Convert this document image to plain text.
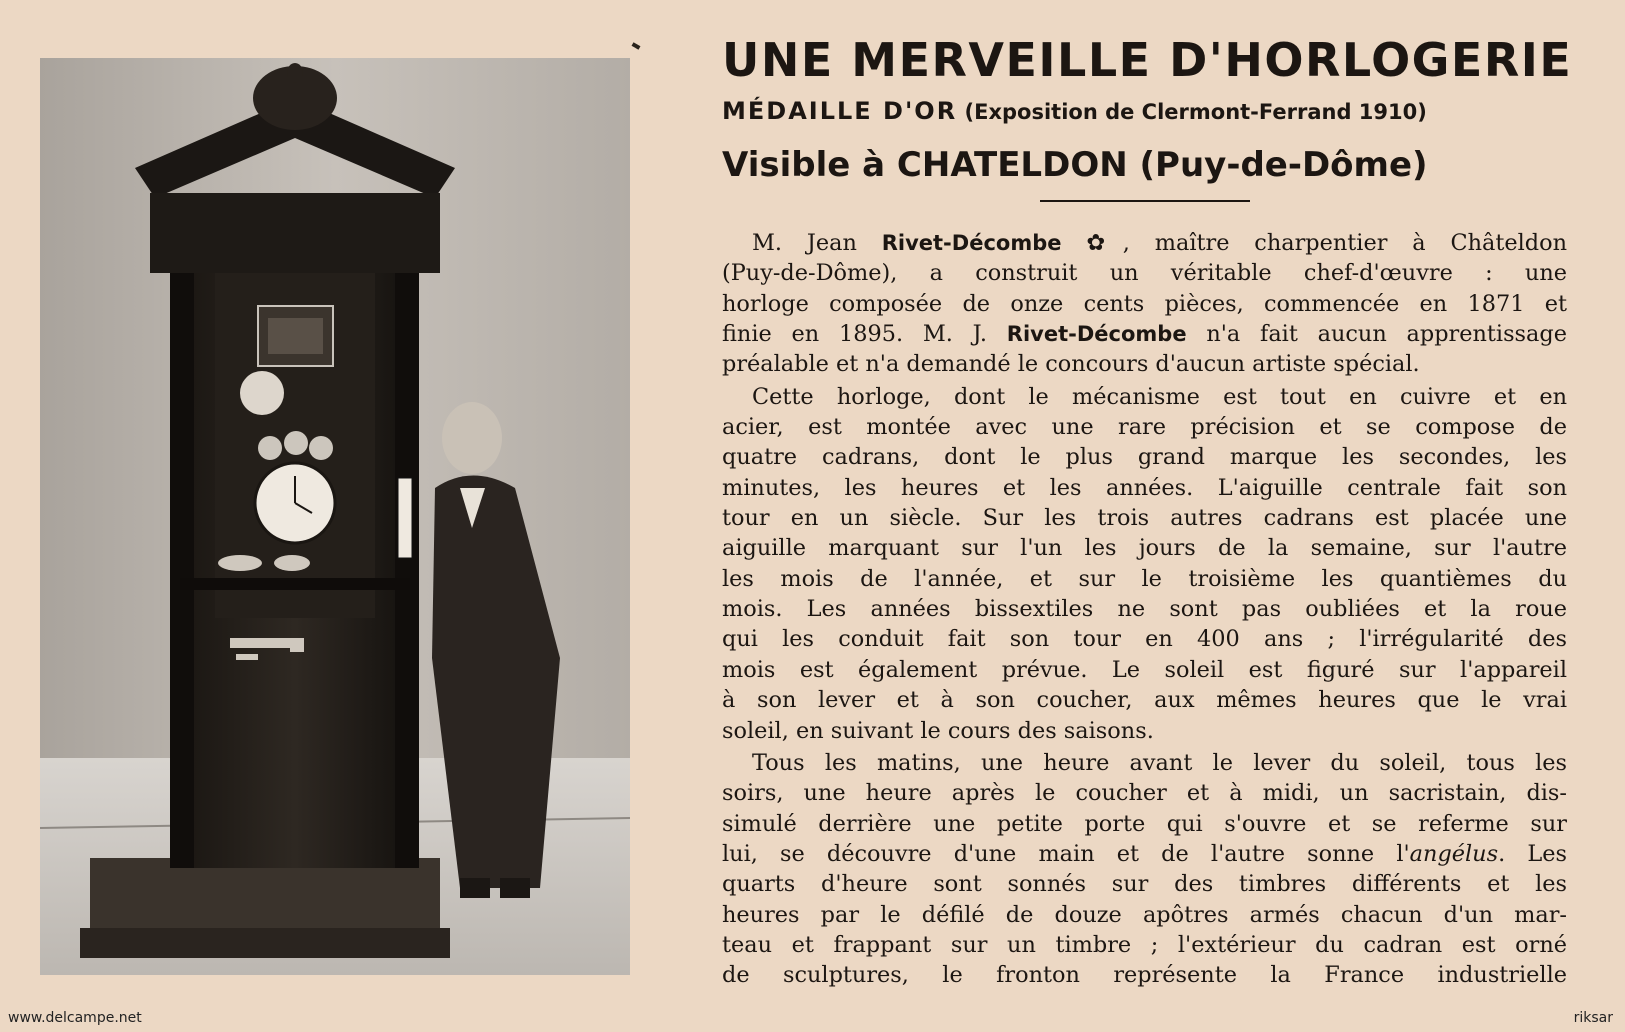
UNE MERVEILLE D'HORLOGERIE
MÉDAILLE D'OR (Exposition de Clermont-Ferrand 1910)
Visible à CHATELDON (Puy-de-Dôme)

M. Jean Rivet-Décombe ✿, maître charpentier à Châteldon
(Puy-de-Dôme), a construit un véritable chef-d'œuvre : une
horloge composée de onze cents pièces, commencée en 1871 et
finie en 1895. M. J. Rivet-Décombe n'a fait aucun apprentissage
préalable et n'a demandé le concours d'aucun artiste spécial.

Cette horloge, dont le mécanisme est tout en cuivre et en
acier, est montée avec une rare précision et se compose de
quatre cadrans, dont le plus grand marque les secondes, les
minutes, les heures et les années. L'aiguille centrale fait son
tour en un siècle. Sur les trois autres cadrans est placée une
aiguille marquant sur l'un les jours de la semaine, sur l'autre
les mois de l'année, et sur le troisième les quantièmes du
mois. Les années bissextiles ne sont pas oubliées et la roue
qui les conduit fait son tour en 400 ans ; l'irrégularité des
mois est également prévue. Le soleil est figuré sur l'appareil
à son lever et à son coucher, aux mêmes heures que le vrai
soleil, en suivant le cours des saisons.

Tous les matins, une heure avant le lever du soleil, tous les
soirs, une heure après le coucher et à midi, un sacristain, dis-
simulé derrière une petite porte qui s'ouvre et se referme sur
lui, se découvre d'une main et de l'autre sonne l'angélus. Les
quarts d'heure sont sonnés sur des timbres différents et les
heures par le défilé de douze apôtres armés chacun d'un mar-
teau et frappant sur un timbre ; l'extérieur du cadran est orné
de sculptures, le fronton représente la France industrielle

www.delcampe.net	riksar
